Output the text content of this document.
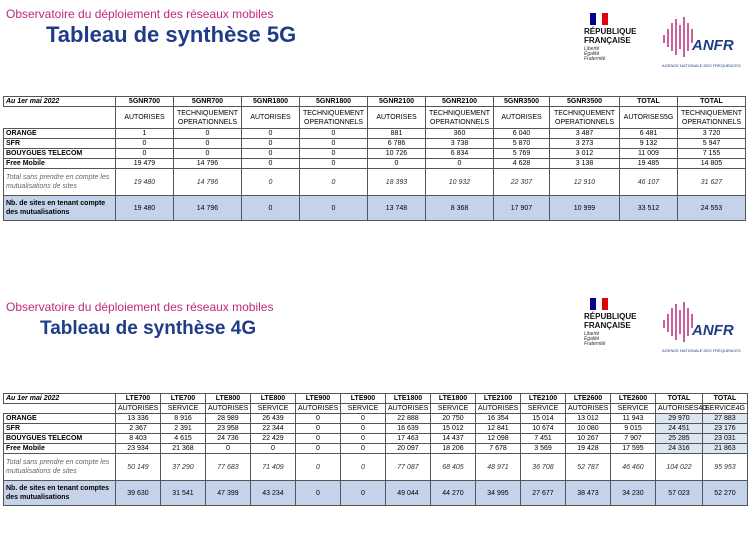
Observatoire du déploiement des réseaux mobiles
Tableau de synthèse 5G	RÉPUBLIQUE
FRANÇAISE
Liberté
Égalité
Fraternité
ANFR
AGENCE NATIONALE DES FRÉQUENCES
Au 1er mai 2022	5GNR700	5GNR700	5GNR1800	5GNR1800	5GNR2100	5GNR2100	5GNR3500	5GNR3500	TOTAL	TOTAL
	AUTORISES	TECHNIQUEMENT OPERATIONNELS	AUTORISES	TECHNIQUEMENT OPERATIONNELS	AUTORISES	TECHNIQUEMENT OPERATIONNELS	AUTORISES	TECHNIQUEMENT OPERATIONNELS	AUTORISES5G	TECHNIQUEMENT OPERATIONNELS
ORANGE	1	0	0	0	881	360	6 040	3 487	6 481	3 720
SFR	0	0	0	0	6 786	3 738	5 870	3 273	9 132	5 947
BOUYGUES TELECOM	0	0	0	0	10 726	6 834	5 769	3 012	11 009	7 155
Free Mobile	19 479	14 796	0	0	0	0	4 628	3 138	19 485	14 805
Total sans prendre en compte les mutualisations de sites	19 480	14 796	0	0	18 393	10 932	22 307	12 910	46 107	31 627
Nb. de sites en tenant compte des mutualisations	19 480	14 796	0	0	13 748	8 368	17 907	10 999	33 512	24 553
Observatoire du déploiement des réseaux mobiles
Tableau de synthèse 4G
RÉPUBLIQUE
FRANÇAISE
Liberté
Égalité
Fraternité
ANFR
AGENCE NATIONALE DES FRÉQUENCES
Au 1er mai 2022	LTE700	LTE700	LTE800	LTE800	LTE900	LTE900	LTE1800	LTE1800	LTE2100	LTE2100	LTE2600	LTE2600	TOTAL	TOTAL
	AUTORISES	SERVICE	AUTORISES	SERVICE	AUTORISES	SERVICE	AUTORISES	SERVICE	AUTORISES	SERVICE	AUTORISES	SERVICE	AUTORISES4G	SERVICE4G
ORANGE	13 336	8 916	28 989	26 439	0	0	22 888	20 750	16 354	15 014	13 012	11 943	29 970	27 883
SFR	2 367	2 391	23 958	22 344	0	0	16 639	15 012	12 841	10 674	10 080	9 015	24 451	23 176
BOUYGUES TELECOM	8 403	4 615	24 736	22 429	0	0	17 463	14 437	12 098	7 451	10 267	7 907	25 285	23 031
Free Mobile	23 934	21 368	0	0	0	0	20 097	18 206	7 678	3 569	19 428	17 595	24 316	21 863
Total sans prendre en compte les mutualisations de sites	50 149	37 290	77 683	71 409	0	0	77 087	68 405	48 971	36 708	52 787	46 460	104 022	95 953
Nb. de sites en tenant comptes des mutualisations	39 630	31 541	47 399	43 234	0	0	49 044	44 270	34 995	27 677	38 473	34 230	57 023	52 270
